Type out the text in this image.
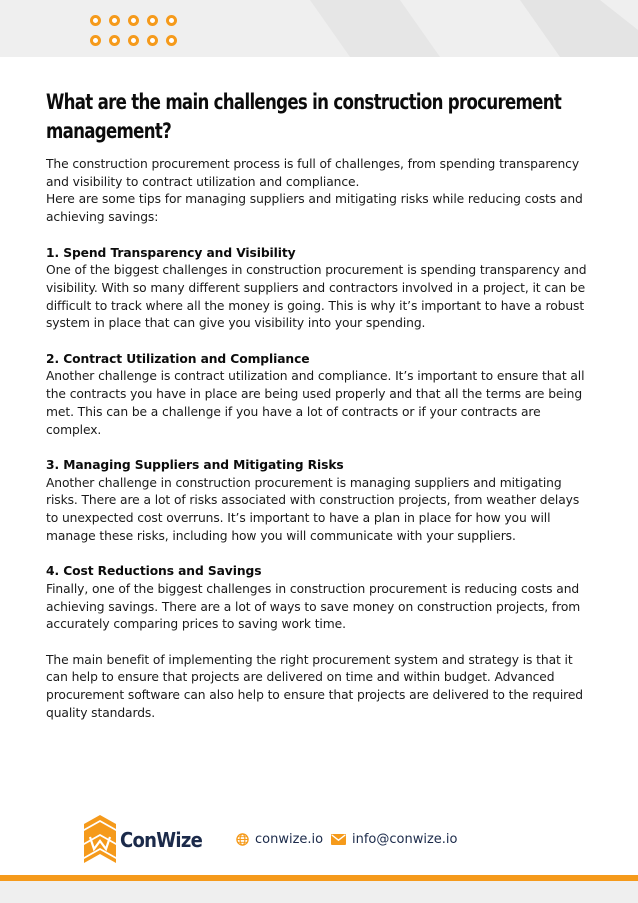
What are the main challenges in construction procurement management?

The construction procurement process is full of challenges, from spending transparency and visibility to contract utilization and compliance.

Here are some tips for managing suppliers and mitigating risks while reducing costs and achieving savings:

1. Spend Transparency and Visibility

One of the biggest challenges in construction procurement is spending transparency and visibility. With so many different suppliers and contractors involved in a project, it can be difficult to track where all the money is going. This is why it’s important to have a robust system in place that can give you visibility into your spending.

2. Contract Utilization and Compliance

Another challenge is contract utilization and compliance. It’s important to ensure that all the contracts you have in place are being used properly and that all the terms are being met. This can be a challenge if you have a lot of contracts or if your contracts are complex.

3. Managing Suppliers and Mitigating Risks

Another challenge in construction procurement is managing suppliers and mitigating risks. There are a lot of risks associated with construction projects, from weather delays to unexpected cost overruns. It’s important to have a plan in place for how you will manage these risks, including how you will communicate with your suppliers.

4. Cost Reductions and Savings

Finally, one of the biggest challenges in construction procurement is reducing costs and achieving savings. There are a lot of ways to save money on construction projects, from accurately comparing prices to saving work time.

The main benefit of implementing the right procurement system and strategy is that it can help to ensure that projects are delivered on time and within budget. Advanced procurement software can also help to ensure that projects are delivered to the required quality standards.

ConWize	conwize.io info@conwize.io
